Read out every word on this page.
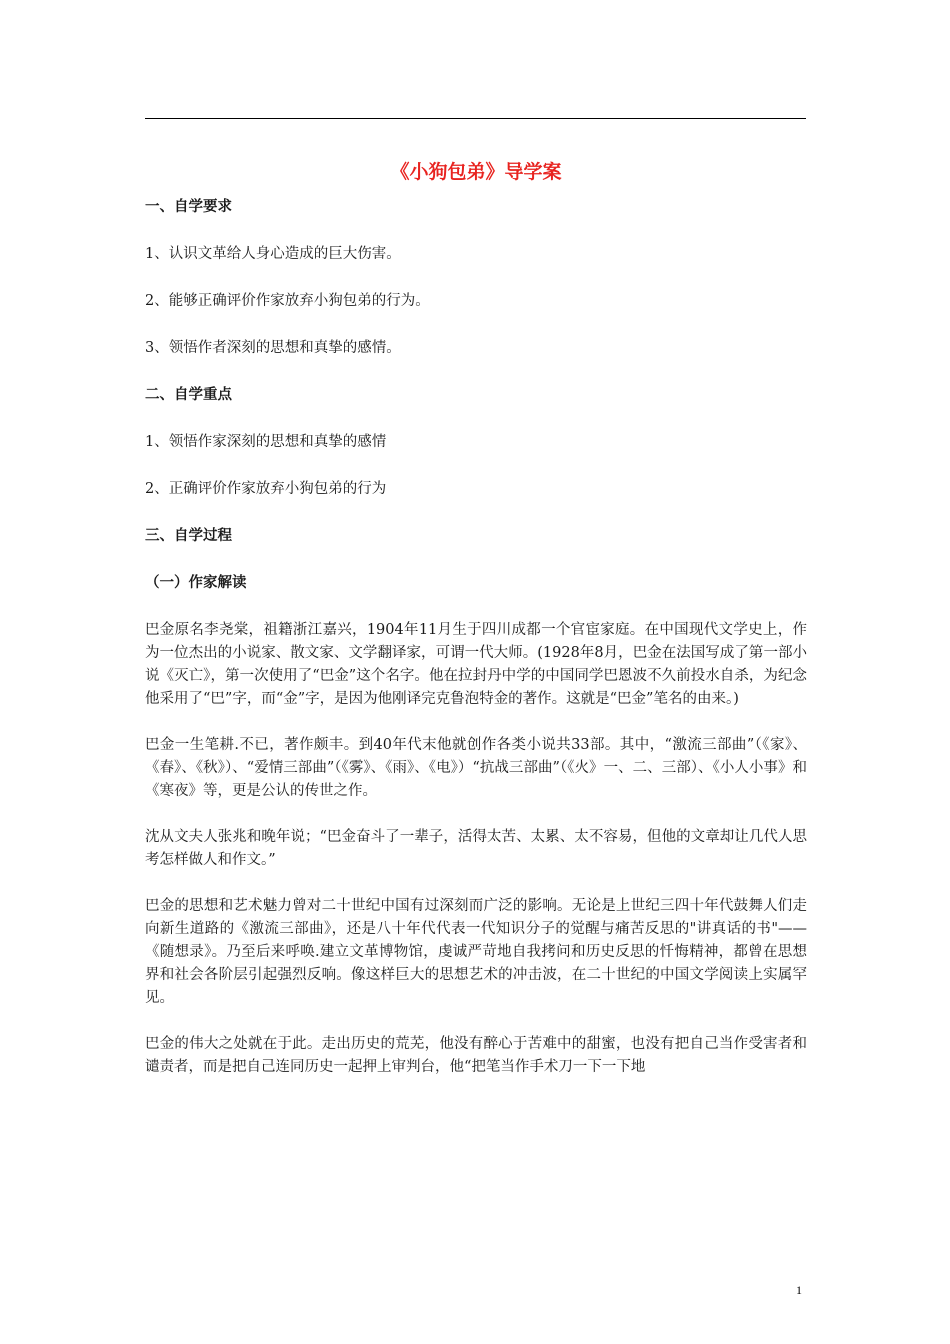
《小狗包弟》导学案

一、自学要求

1、认识文革给人身心造成的巨大伤害。

2、能够正确评价作家放弃小狗包弟的行为。

3、领悟作者深刻的思想和真挚的感情。

二、自学重点

1、领悟作家深刻的思想和真挚的感情

2、正确评价作家放弃小狗包弟的行为

三、自学过程

（一）作家解读

巴金原名李尧棠，祖籍浙江嘉兴，1904年11月生于四川成都一个官宦家庭。在中国现代文学史上，作为一位杰出的小说家、散文家、文学翻译家，可谓一代大师。(1928年8月，巴金在法国写成了第一部小说《灭亡》，第一次使用了“巴金”这个名字。他在拉封丹中学的中国同学巴恩波不久前投水自杀，为纪念他采用了“巴”字，而“金”字，是因为他刚译完克鲁泡特金的著作。这就是“巴金”笔名的由来。)

巴金一生笔耕.不已，著作颇丰。到40年代末他就创作各类小说共33部。其中，“激流三部曲”（《家》、《春》、《秋》）、“爱情三部曲”（《雾》、《雨》、《电》）“抗战三部曲”（《火》一、二、三部）、《小人小事》和《寒夜》等，更是公认的传世之作。

沈从文夫人张兆和晚年说；“巴金奋斗了一辈子，活得太苦、太累、太不容易，但他的文章却让几代人思考怎样做人和作文。”

巴金的思想和艺术魅力曾对二十世纪中国有过深刻而广泛的影响。无论是上世纪三四十年代鼓舞人们走向新生道路的《激流三部曲》，还是八十年代代表一代知识分子的觉醒与痛苦反思的"讲真话的书"——《随想录》。乃至后来呼唤.建立文革博物馆，虔诚严苛地自我拷问和历史反思的忏悔精神，都曾在思想界和社会各阶层引起强烈反响。像这样巨大的思想艺术的冲击波，在二十世纪的中国文学阅读上实属罕见。

巴金的伟大之处就在于此。走出历史的荒芜，他没有醉心于苦难中的甜蜜，也没有把自己当作受害者和谴责者，而是把自己连同历史一起押上审判台，他“把笔当作手术刀一下一下地

1
